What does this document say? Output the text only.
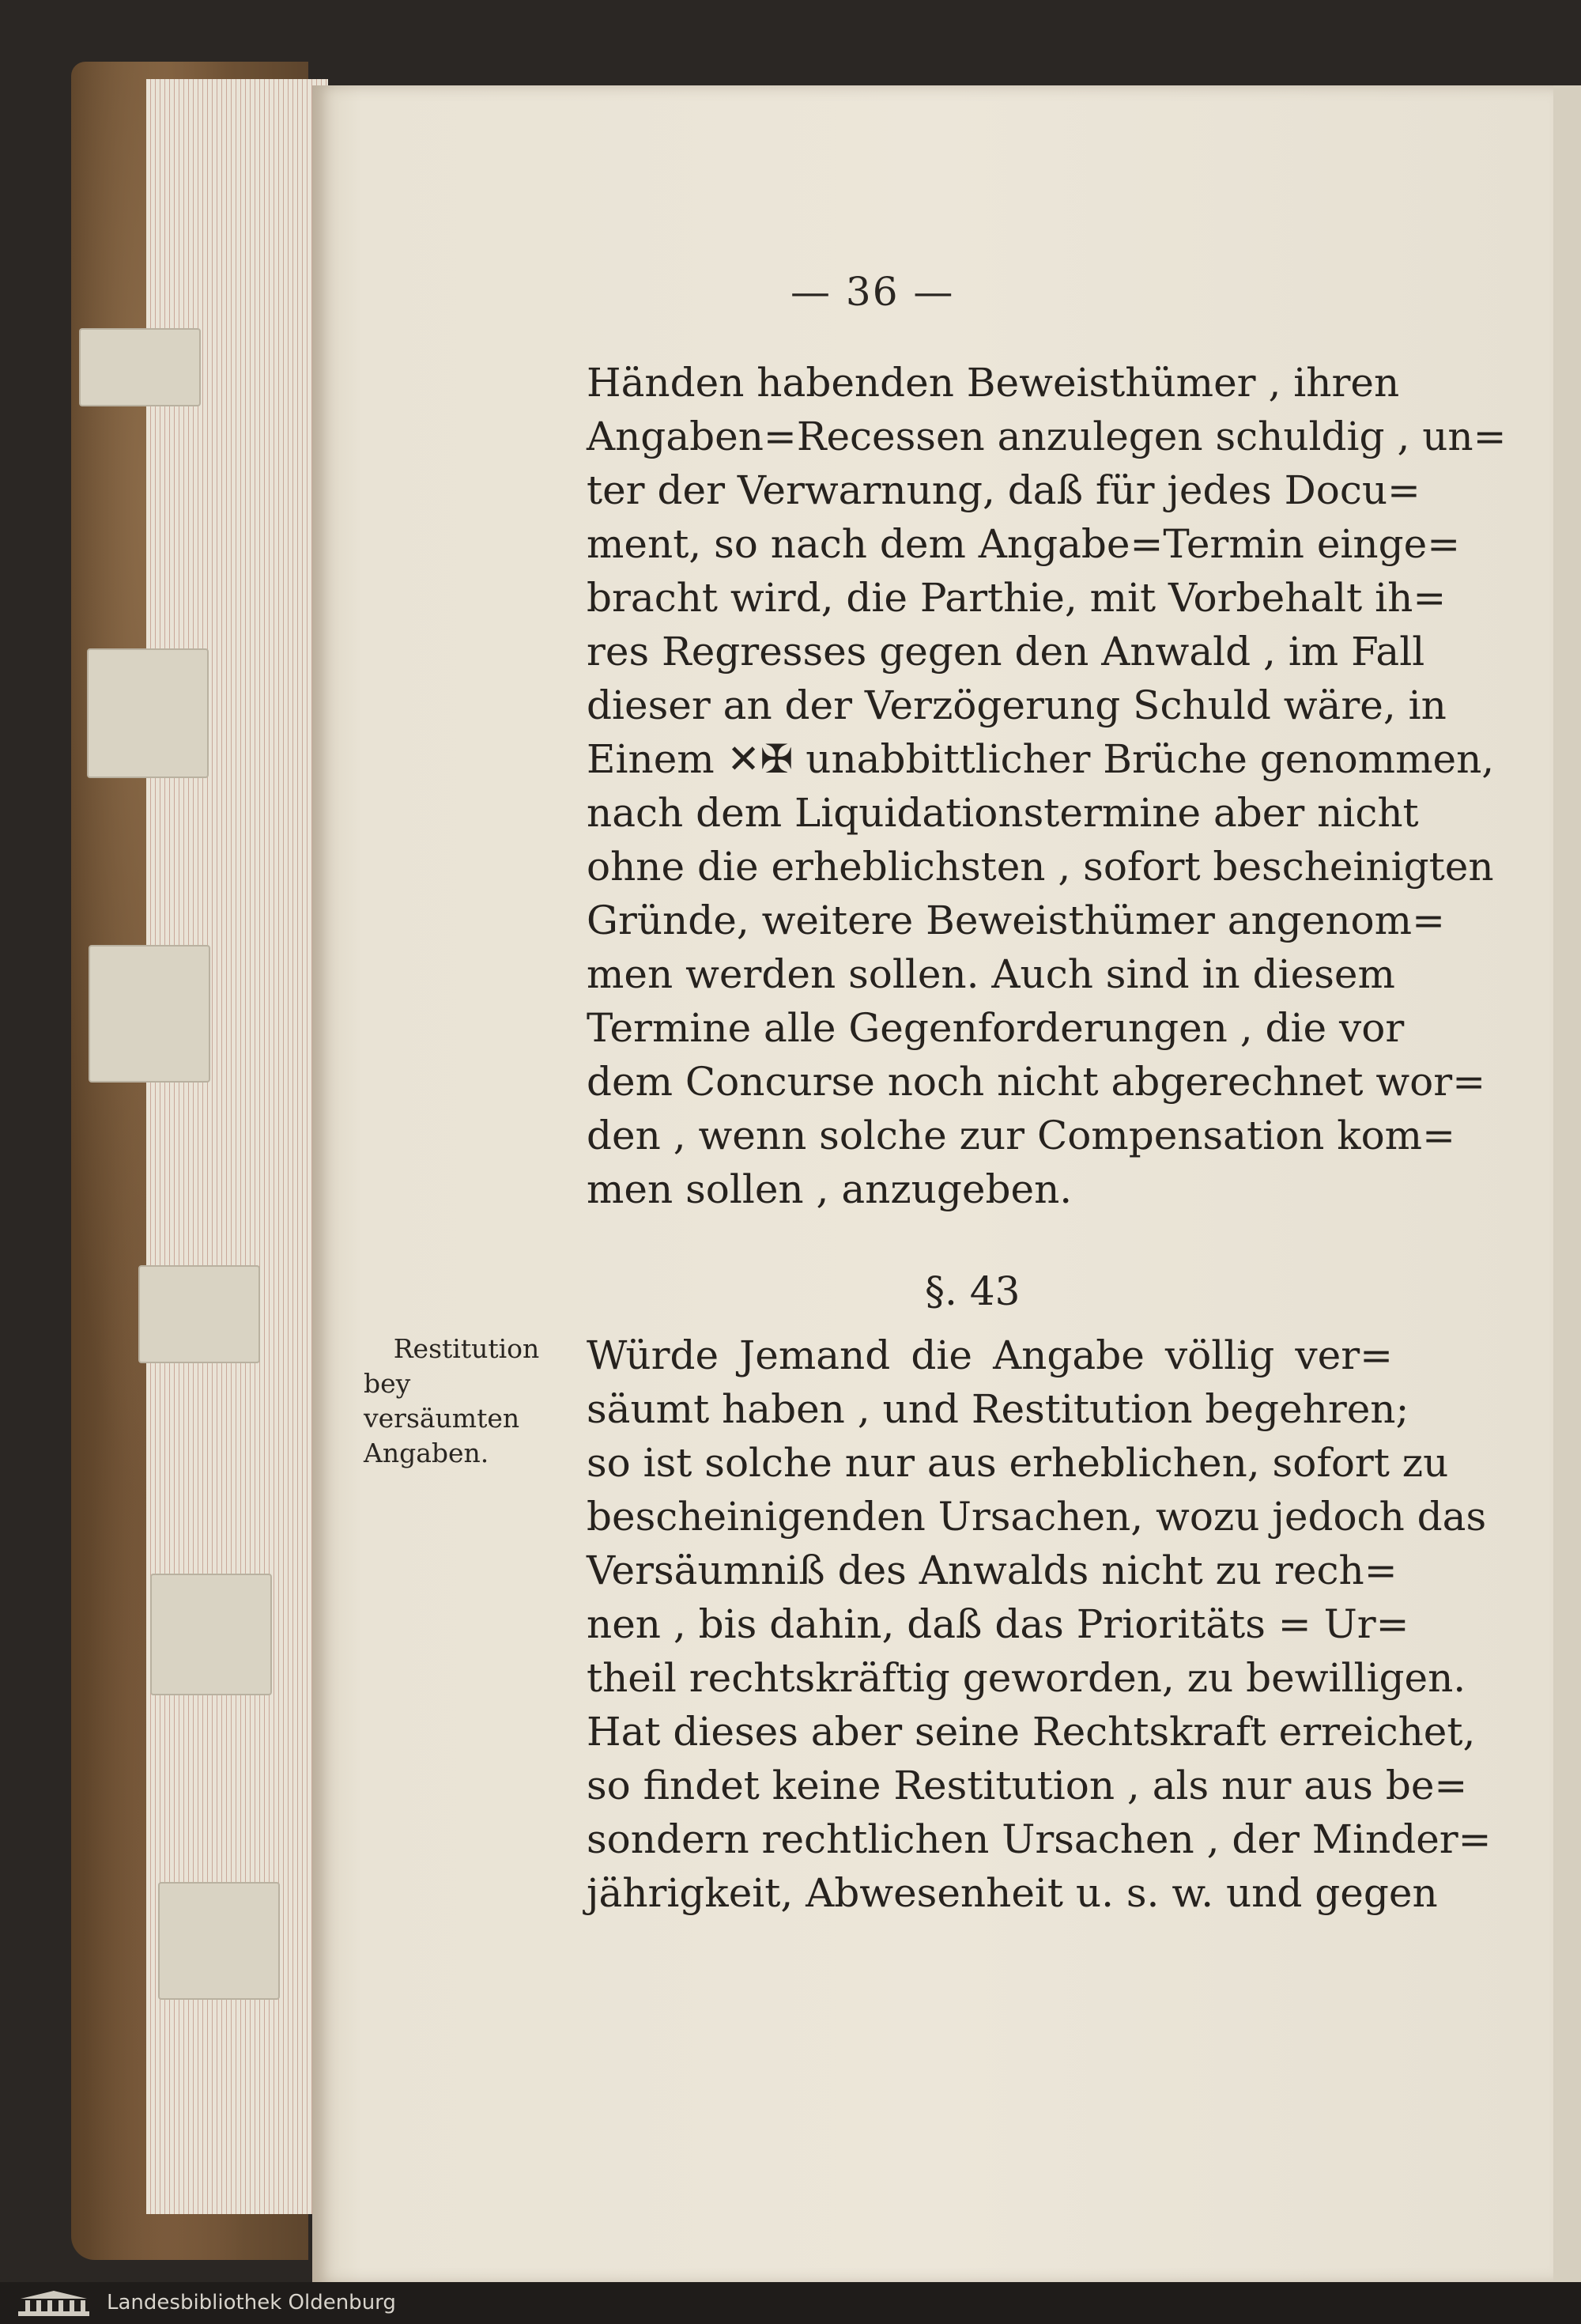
— 36 —
Händen habenden Beweisthümer , ihren
Angaben=Recessen anzulegen schuldig , un=
ter der Verwarnung, daß für jedes Docu=
ment, so nach dem Angabe=Termin einge=
bracht wird, die Parthie, mit Vorbehalt ih=
res Regresses gegen den Anwald , im Fall
dieser an der Verzögerung Schuld wäre, in
Einem ✕✠ unabbittlicher Brüche genommen,
nach dem Liquidationstermine aber nicht
ohne die erheblichsten , sofort bescheinigten
Gründe, weitere Beweisthümer angenom=
men werden sollen. Auch sind in diesem
Termine alle Gegenforderungen , die vor
dem Concurse noch nicht abgerechnet wor=
den , wenn solche zur Compensation kom=
men sollen , anzugeben.
§. 43
Restitution
bey versäumten
Angaben.
Würde Jemand die Angabe völlig ver=
säumt haben , und Restitution begehren;
so ist solche nur aus erheblichen, sofort zu
bescheinigenden Ursachen, wozu jedoch das
Versäumniß des Anwalds nicht zu rech=
nen , bis dahin, daß das Prioritäts = Ur=
theil rechtskräftig geworden, zu bewilligen.
Hat dieses aber seine Rechtskraft erreichet,
so findet keine Restitution , als nur aus be=
sondern rechtlichen Ursachen , der Minder=
jährigkeit, Abwesenheit u. s. w. und gegen
Landesbibliothek Oldenburg
